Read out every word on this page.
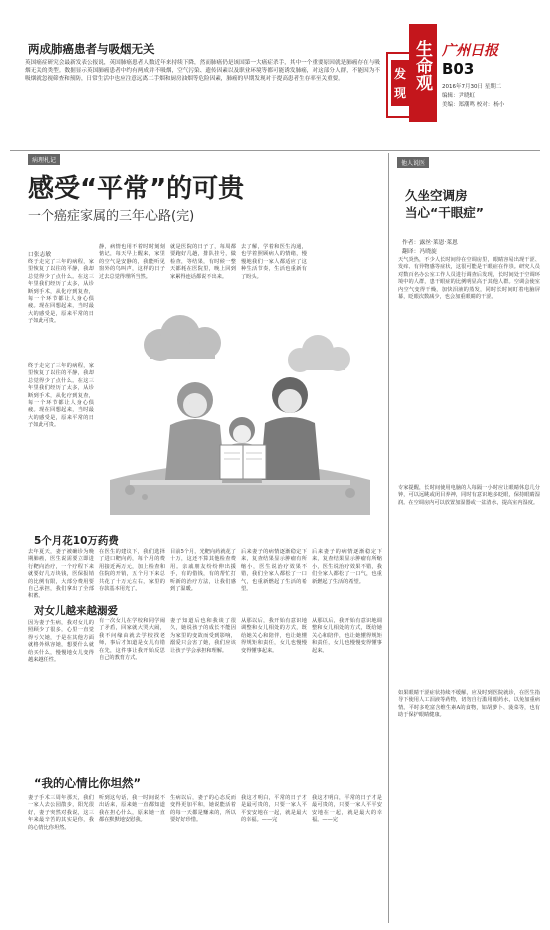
两成肺癌患者与吸烟无关
英国癌症研究会最新发表公报说，英国肺癌患者人数近年来持续下降，然而肺癌仍是该国第一大癌症杀手，其中一个重要原因就是肺癌存在与吸烟无关的类型。数据显示英国肺癌患者中约有两成并不吸烟，空气污染、遗传因素以及职业环境等都可能诱发肺癌，对这部分人群，不能因为不吸烟就忽视筛查和预防，日常生活中也应注意远离二手烟和厨房油烟等危险因素，肺癌的早期发现对于提高患者生存率至关重要。	发
现
生命观 广州日报
B03
2016年7月30日 星期二
编辑：尹晓虹
美编：郑潮鸣 校对：杨小
病理札记
感受“平常”的可贵
一个癌症家属的三年心路(完)
口张志敏
终于走完了三年的病程，家里恢复了以往的平静，我却总觉得少了点什么。在这三年里我们经历了太多，从诊断到手术，从化疗到复查，每一个环节都让人身心俱疲。现在回想起来，当时最大的感受是，原来平常的日子如此可贵。
静，病情也用不着时时刻刻惦记，每天早上醒来，家里的空气是安静的，我能听见窗外的鸟叫声，这样的日子过去总觉得理所当然。
就是医院的日子了，每周都要跑好几趟，排队挂号，做检查，等结果，有时候一整天都耗在医院里，晚上回到家累得连话都说不出来。
去了解，学着和医生沟通，也学着照顾病人的情绪，慢慢地我们一家人都适应了这种生活节奏，生活也重新有了盼头。
终于走完了三年的病程，家里恢复了以往的平静，我却总觉得少了点什么。在这三年里我们经历了太多，从诊断到手术，从化疗到复查，每一个环节都让人身心俱疲。现在回想起来，当时最大的感受是，原来平常的日子如此可贵。
5个月花10万药费
去年夏天，妻子被确诊为晚期肺癌，医生说需要立即进行靶向治疗，一个疗程下来就要好几万块钱，医保报销的比例有限，大部分费用要自己承担，我们拿出了全部积蓄。
在医生的建议下，我们选择了进口靶向药，每个月的费用接近两万元，加上检查和住院的开销，五个月下来总共花了十万元左右，家里的存款基本用光了。
目前5个月，光靶向药就花了十万，这还不算其他检查费用。亲戚朋友纷纷伸出援手，有的借钱，有的帮忙打听新的治疗方法，让我们感到了温暖。
后来妻子的病情逐渐稳定下来，复查结果显示肿瘤有所缩小，医生说治疗效果不错，我们全家人都松了一口气，也重新燃起了生活的希望。
后来妻子的病情逐渐稳定下来，复查结果显示肿瘤有所缩小，医生说治疗效果不错，我们全家人都松了一口气，也重新燃起了生活的希望。
对女儿越来越溺爱
因为妻子生病，我对女儿的照顾少了很多，心里一直觉得亏欠她，于是在其他方面就格外纵容她，想要什么就给买什么，慢慢地女儿变得越来越任性。
有一次女儿在学校和同学闹了矛盾，回家就大哭大闹，我不问缘由就去学校找老师，事后才知道是女儿有错在先，这件事让我开始反思自己的教育方式。
妻子知道后也和我谈了很久，她说孩子的成长不能因为家里的变故而受到影响，溺爱只会害了她，我们应该让孩子学会承担和理解。
从那以后，我开始有意识地调整和女儿相处的方式，既给她关心和陪伴，也让她懂得规矩和责任，女儿也慢慢变得懂事起来。
从那以后，我开始有意识地调整和女儿相处的方式，既给她关心和陪伴，也让她懂得规矩和责任，女儿也慢慢变得懂事起来。
“我的心情比你坦然”
妻子手术三周年那天，我们一家人去公园散步，阳光很好，妻子突然对我说，这三年来最辛苦的其实是你，我的心情比你坦然。
听到这句话，我一时间说不出话来，原来她一直都知道我在担心什么，原来她一直都在默默地安慰我。
生病以后，妻子的心态反而变得更加平和，她说能活着的每一天都是赚来的，所以要好好珍惜。
我这才明白，平常的日子才是最可贵的，只要一家人平平安安地在一起，就是最大的幸福。——完
我这才明白，平常的日子才是最可贵的，只要一家人平平安安地在一起，就是最大的幸福。——完
他人说医
久坐空调房
当心“干眼症”
作者：露丝·莱恩·莱恩
翻译：冯晓旋
天气炎热，不少人长时间待在空调房里，眼睛容易出现干涩、发痒、有异物感等症状，这很可能是干眼症在作祟。研究人员对数百名办公室工作人员进行调查后发现，长时间处于空调环境中的人群，患干眼症的比例明显高于其他人群。空调会使室内空气变得干燥，加快泪液的蒸发，同时长时间盯着电脑屏幕，眨眼次数减少，也会加重眼睛的干涩。
专家提醒，长时间使用电脑的人每隔一小时应让眼睛休息几分钟，可以远眺或闭目养神，同时有意识地多眨眼，保持眼睛湿润。在空调房内可以放置加湿器或一盆清水，提高室内湿度。
如果眼睛干涩症状持续不缓解，应及时到医院就诊，在医生指导下使用人工泪液等药物，切勿自行滥用眼药水，以免加重病情。平时多吃富含维生素A的食物，如胡萝卜、菠菜等，也有助于保护眼睛健康。
